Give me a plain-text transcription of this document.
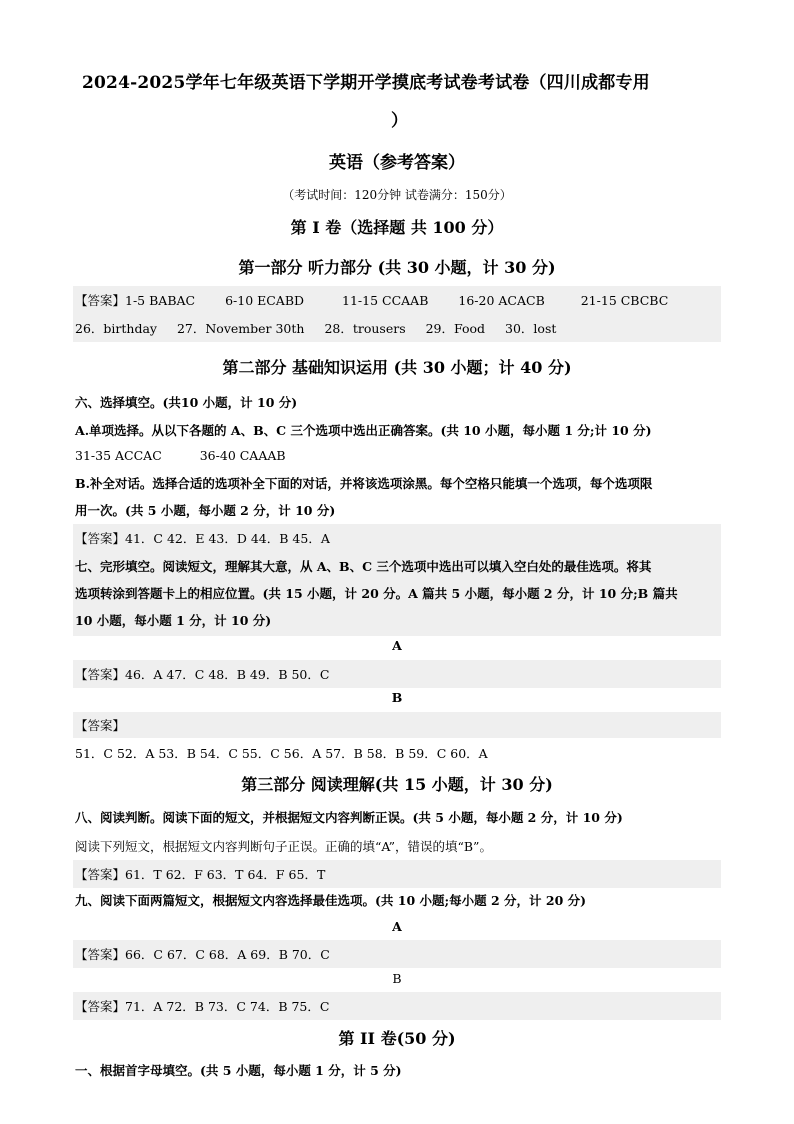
2024-2025学年七年级英语下学期开学摸底考试卷考试卷（四川成都专用
）
英语（参考答案）
（考试时间：120分钟 试卷满分：150分）
第 I 卷（选择题 共 100 分）
第一部分 听力部分 (共 30 小题，计 30 分)
【答案】1-5 BABAC 6-10 ECABD	11-15 CCAAB 16-20 ACACB	21-15 CBCBC
26．birthday 27．November 30th 28．trousers 29．Food 30．lost
第二部分 基础知识运用 (共 30 小题；计 40 分)
六、选择填空。(共10 小题，计 10 分)
A.单项选择。从以下各题的 A、B、C 三个选项中选出正确答案。(共 10 小题，每小题 1 分;计 10 分)
31-35 ACCAC	36-40 CAAAB
B.补全对话。选择合适的选项补全下面的对话，并将该选项涂黑。每个空格只能填一个选项，每个选项限
用一次。(共 5 小题，每小题 2 分，计 10 分)
【答案】41．C 42．E 43．D 44．B 45．A
七、完形填空。阅读短文，理解其大意，从 A、B、C 三个选项中选出可以填入空白处的最佳选项。将其
选项转涂到答题卡上的相应位置。(共 15 小题，计 20 分。A 篇共 5 小题，每小题 2 分，计 10 分;B 篇共
10 小题，每小题 1 分，计 10 分)
A
【答案】46．A 47．C 48．B 49．B 50．C
B
【答案】
51．C 52．A 53．B 54．C 55．C 56．A 57．B 58．B 59．C 60．A
第三部分 阅读理解(共 15 小题，计 30 分)
八、阅读判断。阅读下面的短文，并根据短文内容判断正误。(共 5 小题，每小题 2 分，计 10 分)
阅读下列短文，根据短文内容判断句子正误。正确的填“A”，错误的填“B”。
【答案】61．T 62．F 63．T 64．F 65．T
九、阅读下面两篇短文，根据短文内容选择最佳选项。(共 10 小题;每小题 2 分，计 20 分)
A
【答案】66．C 67．C 68．A 69．B 70．C
B
【答案】71．A 72．B 73．C 74．B 75．C
第 II 卷(50 分)
一、根据首字母填空。(共 5 小题，每小题 1 分，计 5 分)
